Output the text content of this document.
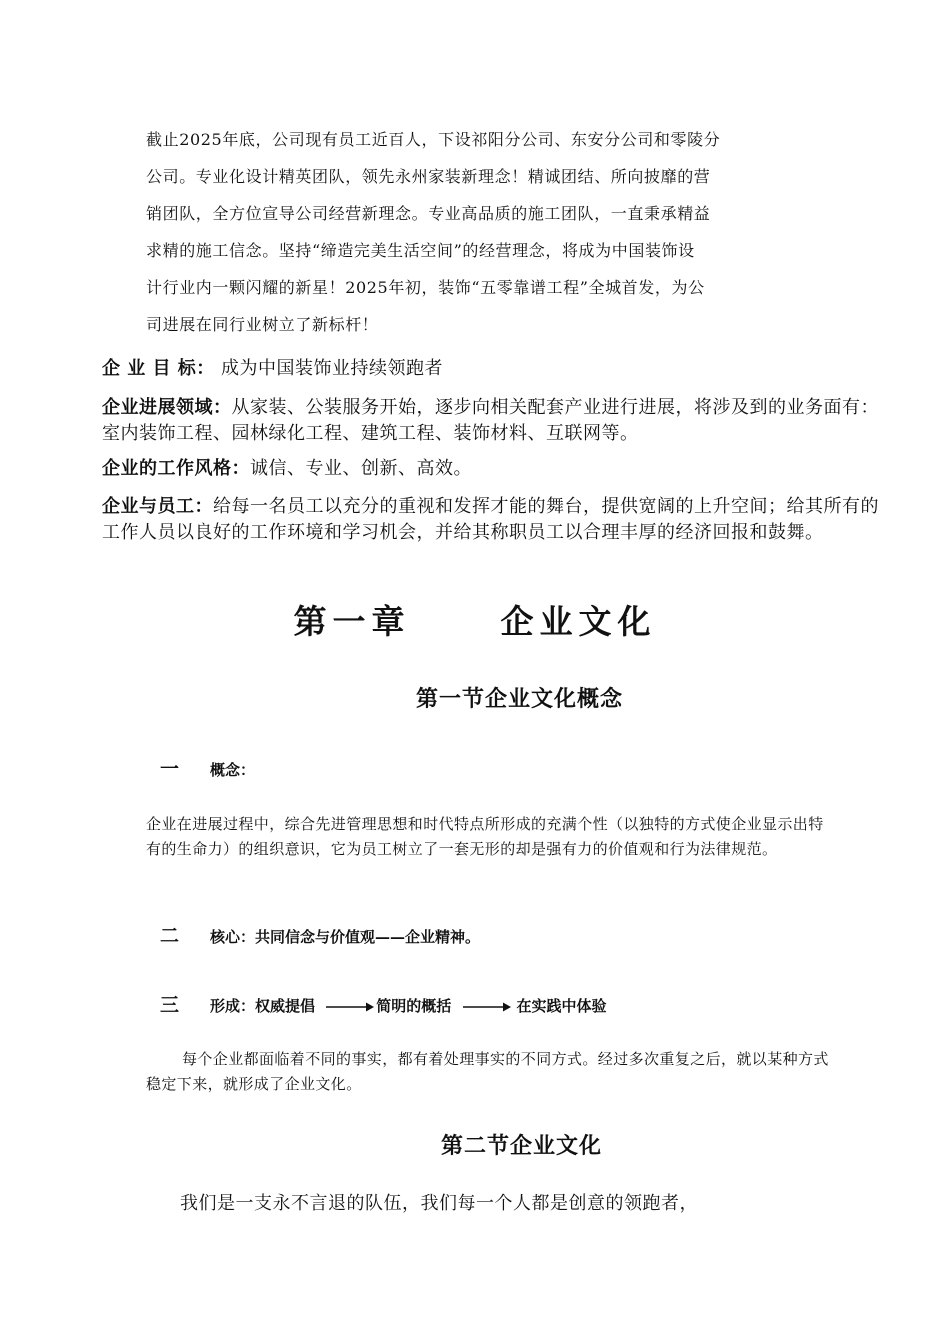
截止2025年底，公司现有员工近百人，下设祁阳分公司、东安分公司和零陵分

公司。专业化设计精英团队，领先永州家装新理念！精诚团结、所向披靡的营

销团队，全方位宣导公司经营新理念。专业高品质的施工团队，一直秉承精益

求精的施工信念。坚持“缔造完美生活空间”的经营理念，将成为中国装饰设

计行业内一颗闪耀的新星！2025年初，装饰“五零靠谱工程”全城首发，为公

司进展在同行业树立了新标杆！

企 业 目 标： 成为中国装饰业持续领跑者
企业进展领域：从家装、公装服务开始，逐步向相关配套产业进行进展，将涉及到的业务面有：室内装饰工程、园林绿化工程、建筑工程、装饰材料、互联网等。
企业的工作风格：诚信、专业、创新、高效。
企业与员工：给每一名员工以充分的重视和发挥才能的舞台，提供宽阔的上升空间；给其所有的工作人员以良好的工作环境和学习机会，并给其称职员工以合理丰厚的经济回报和鼓舞。
第一章	企业文化
第一节企业文化概念
一 概念：
企业在进展过程中，综合先进管理思想和时代特点所形成的充满个性（以独特的方式使企业显示出特有的生命力）的组织意识，它为员工树立了一套无形的却是强有力的价值观和行为法律规范。
二 核心：共同信念与价值观——企业精神。
三 形成：权威提倡	简明的概括	在实践中体验
每个企业都面临着不同的事实，都有着处理事实的不同方式。经过多次重复之后，就以某种方式稳定下来，就形成了企业文化。
第二节企业文化
我们是一支永不言退的队伍，我们每一个人都是创意的领跑者，
